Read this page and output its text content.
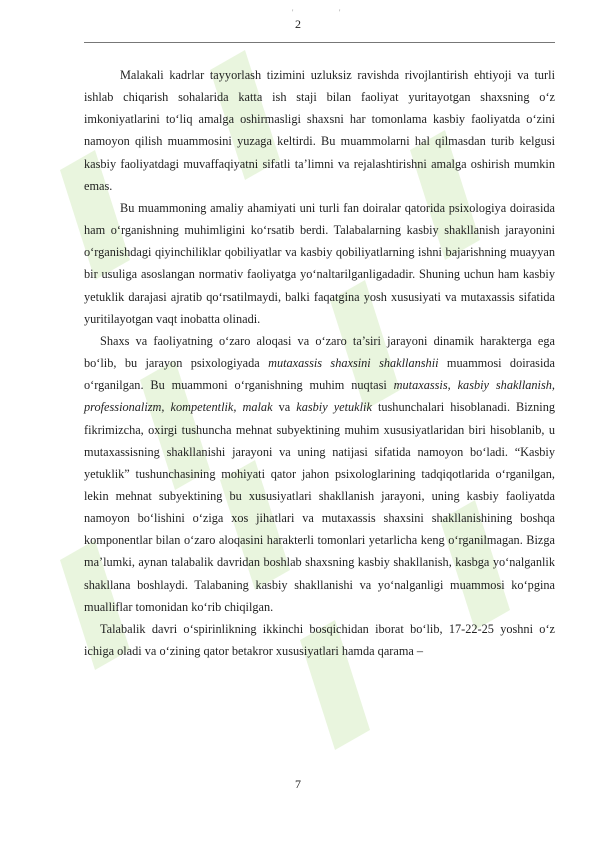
'	'
2

Malakali kadrlar tayyorlash tizimini uzluksiz ravishda rivojlantirish ehtiyoji va turli ishlab chiqarish sohalarida katta ish staji bilan faoliyat yuritayotgan shaxsning o‘z imkoniyatlarini to‘liq amalga oshirmasligi shaxsni har tomonlama kasbiy faoliyatda o‘zini namoyon qilish muammosini yuzaga keltirdi. Bu muammolarni hal qilmasdan turib kelgusi kasbiy faoliyatdagi muvaffaqiyatni sifatli ta’limni va rejalashtirishni amalga oshirish mumkin emas.

Bu muammoning amaliy ahamiyati uni turli fan doiralar qatorida psixologiya doirasida ham o‘rganishning muhimligini ko‘rsatib berdi. Talabalarning kasbiy shakllanish jarayonini o‘rganishdagi qiyinchiliklar qobiliyatlar va kasbiy qobiliyatlarning ishni bajarishning muayyan bir usuliga asoslangan normativ faoliyatga yo‘naltarilganligadadir. Shuning uchun ham kasbiy yetuklik darajasi ajratib qo‘rsatilmaydi, balki faqatgina yosh xususiyati va mutaxassis sifatida yuritilayotgan vaqt inobatta olinadi.

Shaxs va faoliyatning o‘zaro aloqasi va o‘zaro ta’siri jarayoni dinamik harakterga ega bo‘lib, bu jarayon psixologiyada mutaxassis shaxsini shakllanshii muammosi doirasida o‘rganilgan. Bu muammoni o‘rganishning muhim nuqtasi mutaxassis, kasbiy shakllanish, professionalizm, kompetentlik, malak va kasbiy yetuklik tushunchalari hisoblanadi. Bizning fikrimizcha, oxirgi tushuncha mehnat subyektining muhim xususiyatlaridan biri hisoblanib, u mutaxassisning shakllanishi jarayoni va uning natijasi sifatida namoyon bo‘ladi. “Kasbiy yetuklik” tushunchasining mohiyati qator jahon psixologlarining tadqiqotlarida o‘rganilgan, lekin mehnat subyektining bu xususiyatlari shakllanish jarayoni, uning kasbiy faoliyatda namoyon bo‘lishini o‘ziga xos jihatlari va mutaxassis shaxsini shakllanishining boshqa komponentlar bilan o‘zaro aloqasini harakterli tomonlari yetarlicha keng o‘rganilmagan. Bizga ma’lumki, aynan talabalik davridan boshlab shaxsning kasbiy shakllanish, kasbga yo‘nalganlik shakllana boshlaydi. Talabaning kasbiy shakllanishi va yo‘nalganligi muammosi ko‘pgina mualliflar tomonidan ko‘rib chiqilgan.

Talabalik davri o‘spirinlikning ikkinchi bosqichidan iborat bo‘lib, 17-22-25 yoshni o‘z ichiga oladi va o‘zining qator betakror xususiyatlari hamda qarama –

7
